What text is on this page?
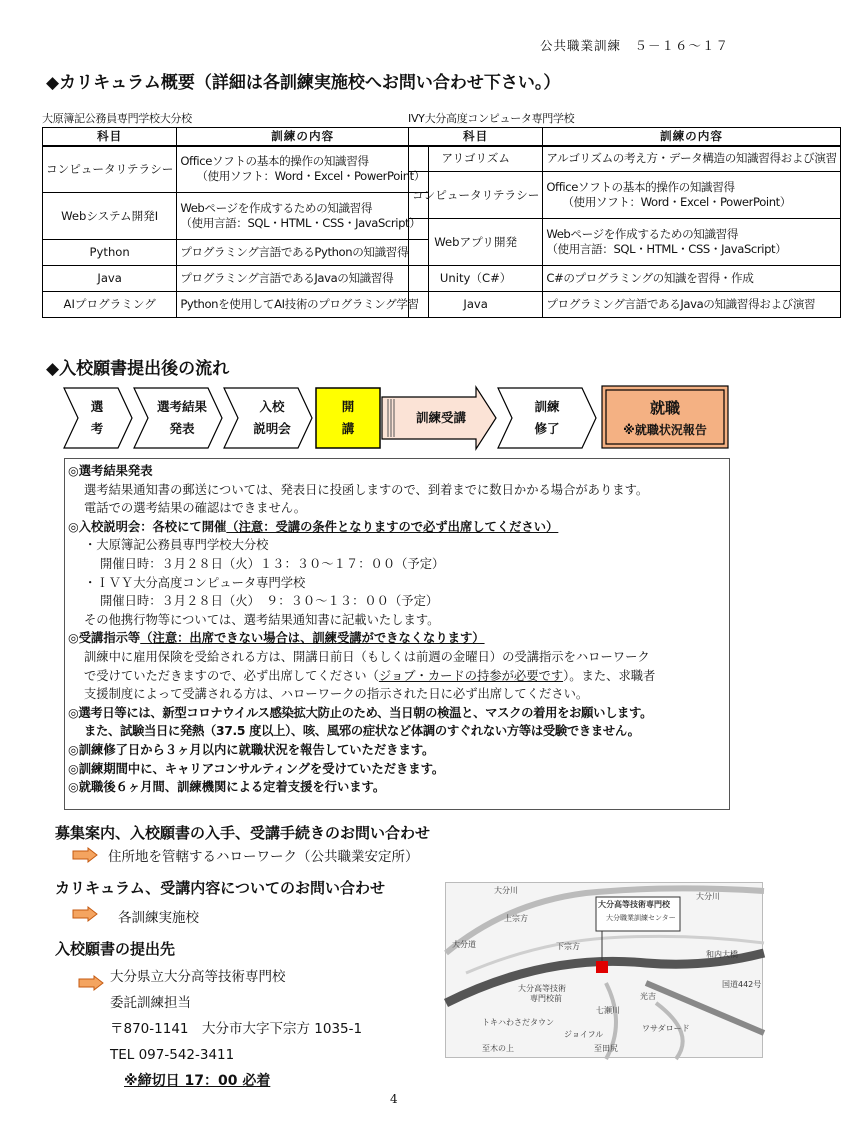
公共職業訓練　５－１６～１７
◆カリキュラム概要（詳細は各訓練実施校へお問い合わせ下さい。）
大原簿記公務員専門学校大分校	IVY大分高度コンピュータ専門学校
科目	訓練の内容
コンピュータリテラシー	Officeソフトの基本的操作の知識習得
（使用ソフト：Word・Excel・PowerPoint）

Webシステム開発Ⅰ	Webページを作成するための知識習得
（使用言語：SQL・HTML・CSS・JavaScript）

Python	プログラミング言語であるPythonの知識習得
Java	プログラミング言語であるJavaの知識習得
AIプログラミング	Pythonを使用してAI技術のプログラミング学習
科目	訓練の内容
アリゴリズム	アルゴリズムの考え方・データ構造の知識習得および演習
コンピュータリテラシー	Officeソフトの基本的操作の知識習得
（使用ソフト：Word・Excel・PowerPoint）

Webアプリ開発	Webページを作成するための知識習得
（使用言語：SQL・HTML・CSS・JavaScript）

Unity（C#）	C#のプログラミングの知識を習得・作成
Java	プログラミング言語であるJavaの知識習得および演習
◆入校願書提出後の流れ
選
考
選考結果
発表
入校
説明会
開
講
訓練受講
訓練
修了
就職
※就職状況報告
◎選考結果発表
選考結果通知書の郵送については、発表日に投函しますので、到着までに数日かかる場合があります。
電話での選考結果の確認はできません。
◎入校説明会：各校にて開催（注意：受講の条件となりますので必ず出席してください）
・大原簿記公務員専門学校大分校
開催日時：３月２８日（火）１３：３０～１７：００（予定）
・ＩＶＹ大分高度コンピュータ専門学校
開催日時：３月２８日（火）　９：３０～１３：００（予定）
その他携行物等については、選考結果通知書に記載いたします。
◎受講指示等（注意：出席できない場合は、訓練受講ができなくなります）
訓練中に雇用保険を受給される方は、開講日前日（もしくは前週の金曜日）の受講指示をハローワーク
で受けていただきますので、必ず出席してください（ジョブ・カードの持参が必要です）。また、求職者
支援制度によって受講される方は、ハローワークの指示された日に必ず出席してください。
◎選考日等には、新型コロナウイルス感染拡大防止のため、当日朝の検温と、マスクの着用をお願いします。
また、試験当日に発熱（37.5 度以上）、咳、風邪の症状など体調のすぐれない方等は受験できません。
◎訓練修了日から３ヶ月以内に就職状況を報告していただきます。
◎訓練期間中に、キャリアコンサルティングを受けていただきます。
◎就職後６ヶ月間、訓練機関による定着支援を行います。
募集案内、入校願書の入手、受講手続きのお問い合わせ
住所地を管轄するハローワーク（公共職業安定所）
カリキュラム、受講内容についてのお問い合わせ
各訓練実施校
入校願書の提出先
大分県立大分高等技術専門校
委託訓練担当
〒870-1141　大分市大字下宗方 1035-1
TEL 097-542-3411
※締切日 17：00 必着
大分高等技術専門校
大分職業訓練センター
大分川
上宗方
大分川
下宗方
和内大橋
国道442号
光吉
大分高等技術
専門校前
七瀬川
トキハわさだタウン
ジョイフル
至木の上	至田尻
ワサダロード
大分道
4
